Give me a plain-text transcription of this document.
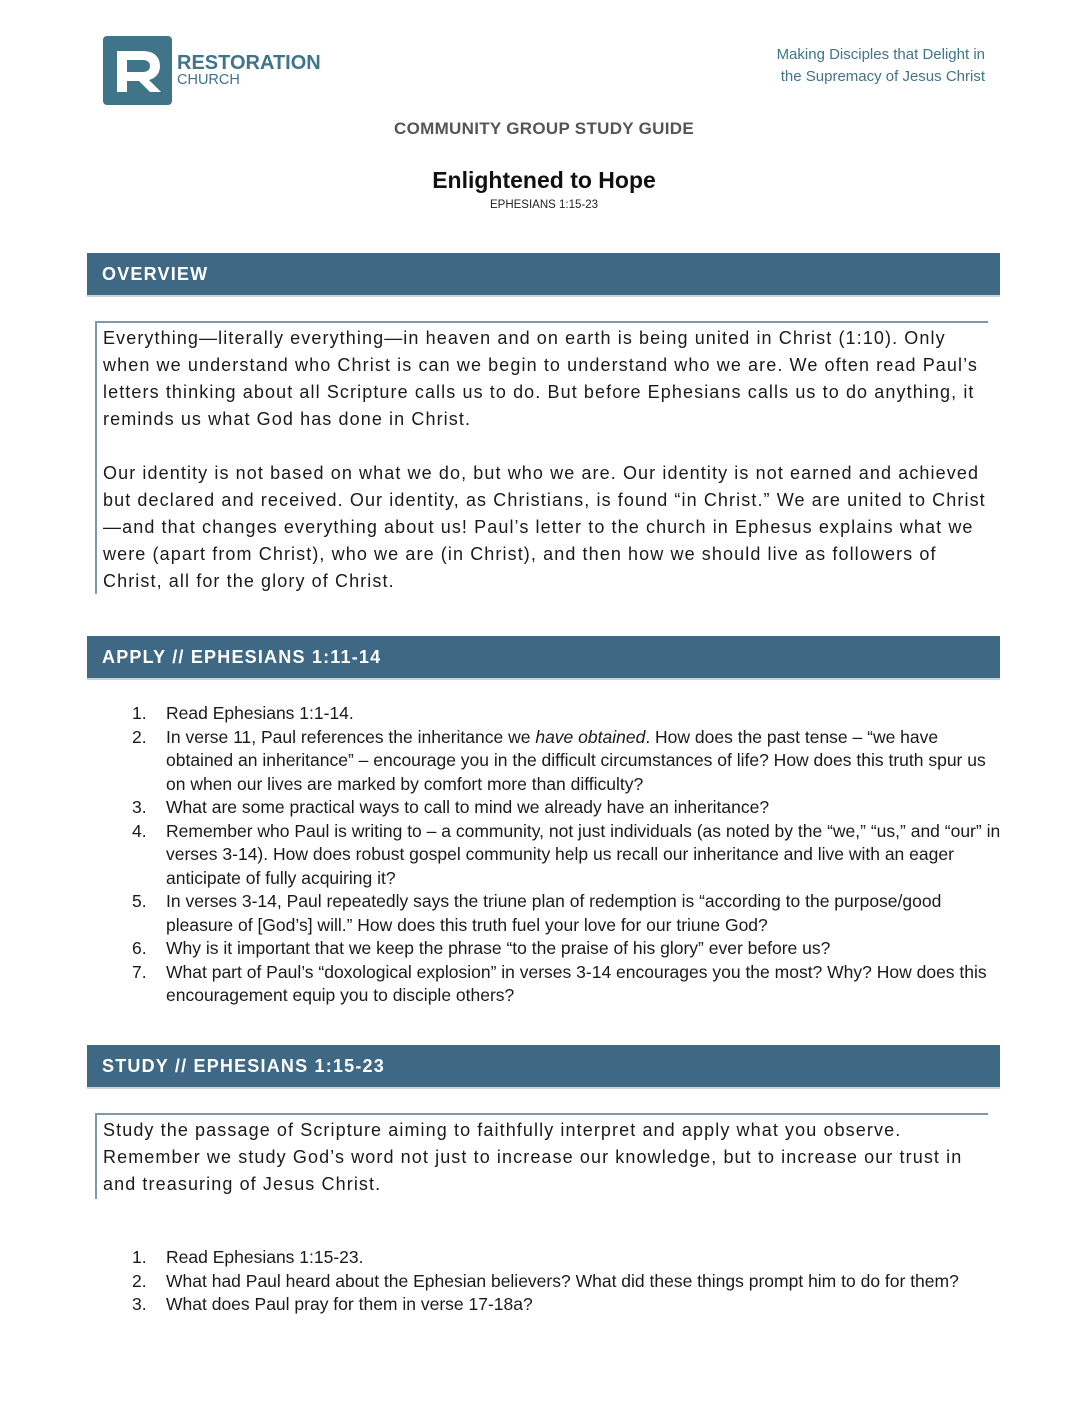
RESTORATION
CHURCH
Making Disciples that Delight in
the Supremacy of Jesus Christ
COMMUNITY GROUP STUDY GUIDE
Enlightened to Hope
EPHESIANS 1:15-23
OVERVIEW

Everything—literally everything—in heaven and on earth is being united in Christ (1:10). Only when we understand who Christ is can we begin to understand who we are. We often read Paul’s letters thinking about all Scripture calls us to do. But before Ephesians calls us to do anything, it reminds us what God has done in Christ.

Our identity is not based on what we do, but who we are. Our identity is not earned and achieved but declared and received. Our identity, as Christians, is found “in Christ.” We are united to Christ—and that changes everything about us! Paul’s letter to the church in Ephesus explains what we were (apart from Christ), who we are (in Christ), and then how we should live as followers of Christ, all for the glory of Christ.

APPLY // EPHESIANS 1:11-14
1. Read Ephesians 1:1-14.
2. In verse 11, Paul references the inheritance we have obtained. How does the past tense – “we have obtained an inheritance” – encourage you in the difficult circumstances of life? How does this truth spur us on when our lives are marked by comfort more than difficulty?
3. What are some practical ways to call to mind we already have an inheritance?
4. Remember who Paul is writing to – a community, not just individuals (as noted by the “we,” “us,” and “our” in verses 3-14). How does robust gospel community help us recall our inheritance and live with an eager anticipate of fully acquiring it?
5. In verses 3-14, Paul repeatedly says the triune plan of redemption is “according to the purpose/good pleasure of [God’s] will.” How does this truth fuel your love for our triune God?
6. Why is it important that we keep the phrase “to the praise of his glory” ever before us?
7. What part of Paul’s “doxological explosion” in verses 3-14 encourages you the most? Why? How does this encouragement equip you to disciple others?
STUDY // EPHESIANS 1:15-23

Study the passage of Scripture aiming to faithfully interpret and apply what you observe. Remember we study God’s word not just to increase our knowledge, but to increase our trust in and treasuring of Jesus Christ.

1. Read Ephesians 1:15-23.
2. What had Paul heard about the Ephesian believers? What did these things prompt him to do for them?
3. What does Paul pray for them in verse 17-18a?
